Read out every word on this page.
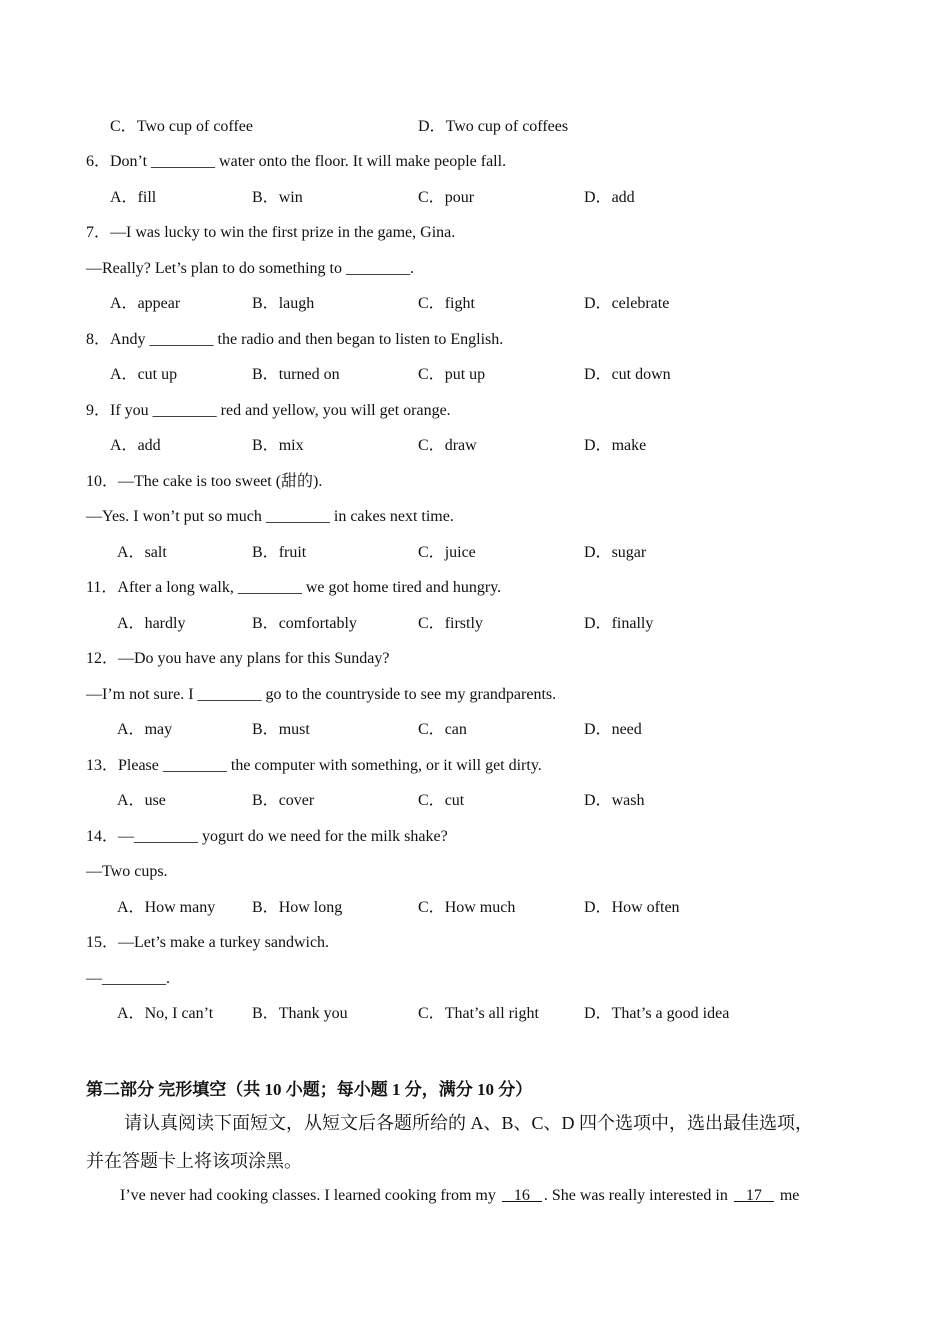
C．Two cup of coffee	D．Two cup of coffees
6．Don’t ________ water onto the floor. It will make people fall.
A．fill	B．win	C．pour	D．add
7．—I was lucky to win the first prize in the game, Gina.
—Really? Let’s plan to do something to ________.
A．appear	B．laugh	C．fight	D．celebrate
8．Andy ________ the radio and then began to listen to English.
A．cut up	B．turned on	C．put up	D．cut down
9．If you ________ red and yellow, you will get orange.
A．add	B．mix	C．draw	D．make
10．—The cake is too sweet (甜的).
—Yes. I won’t put so much ________ in cakes next time.
A．salt	B．fruit	C．juice	D．sugar
11．After a long walk, ________ we got home tired and hungry.
A．hardly	B．comfortably	C．firstly	D．finally
12．—Do you have any plans for this Sunday?
—I’m not sure. I ________ go to the countryside to see my grandparents.
A．may	B．must	C．can	D．need
13．Please ________ the computer with something, or it will get dirty.
A．use	B．cover	C．cut	D．wash
14．—________ yogurt do we need for the milk shake?
—Two cups.
A．How many B．How long	C．How much	D．How often
15．—Let’s make a turkey sandwich.
—________.
A．No, I can’t B．Thank you	C．That’s all right	D．That’s a good idea
第二部分 完形填空（共 10 小题；每小题 1 分，满分 10 分）
请认真阅读下面短文，从短文后各题所给的 A、B、C、D 四个选项中，选出最佳选项，
并在答题卡上将该项涂黑。
I’ve never had cooking classes. I learned cooking from my    16 . She was really interested in    17    me
